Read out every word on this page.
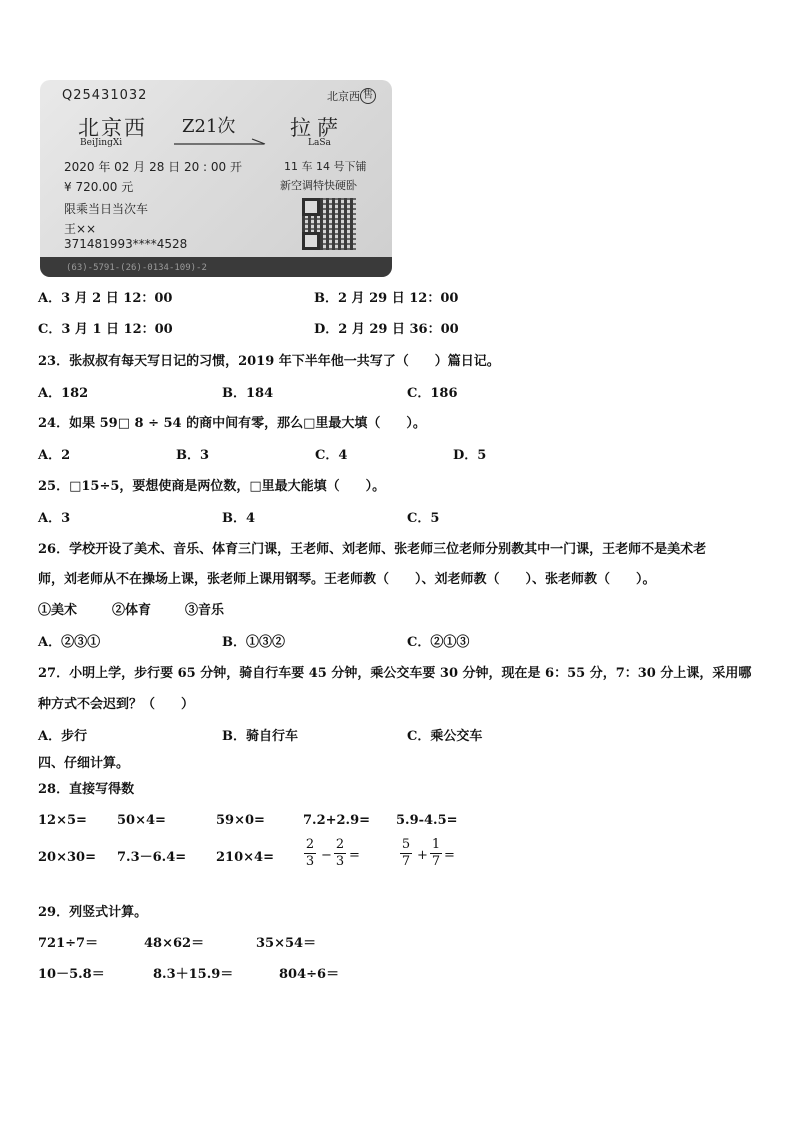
Q25431032	北京西 售
北京西
BeiJingXi
Z21次	拉萨
LaSa
2020 年 02 月 28 日 20 : 00 开	11 车 14 号下铺
¥ 720.00 元	新空调特快硬卧
限乘当日当次车
王××
371481993****4528
(63)-5791-(26)-0134-109)-2
A．3 月 2 日 12：00	B．2 月 29 日 12：00
C．3 月 1 日 12：00	D．2 月 29 日 36：00
23．张叔叔有每天写日记的习惯，2019 年下半年他一共写了（　　）篇日记。
A．182	B．184	C．186
24．如果 59□ 8 ÷ 54 的商中间有零，那么□里最大填（　　）。
A．2	B．3	C．4	D．5
25．□15÷5，要想使商是两位数，□里最大能填（　　）。
A．3	B．4	C．5
26．学校开设了美术、音乐、体育三门课，王老师、刘老师、张老师三位老师分别教其中一门课，王老师不是美术老
师，刘老师从不在操场上课，张老师上课用钢琴。王老师教（　　）、刘老师教（　　）、张老师教（　　）。
①美术	②体育	③音乐
A．②③①	B．①③②	C．②①③
27．小明上学，步行要 65 分钟，骑自行车要 45 分钟，乘公交车要 30 分钟，现在是 6：55 分，7：30 分上课，采用哪
种方式不会迟到？（　　）
A．步行	B．骑自行车	C．乘公交车
四、仔细计算。
28．直接写得数
12×5= 50×4=	59×0=	7.2+2.9= 5.9-4.5=
$20\times 30= 7.3-6.4= 210\times 4= \frac{2}{3} - \frac{2}{3}$ =	$\frac{5}{7} + \frac{1}{7}$ =
29．列竖式计算。
721÷7＝	48×62＝	35×54＝
10－5.8＝	8.3＋15.9＝	804÷6＝
